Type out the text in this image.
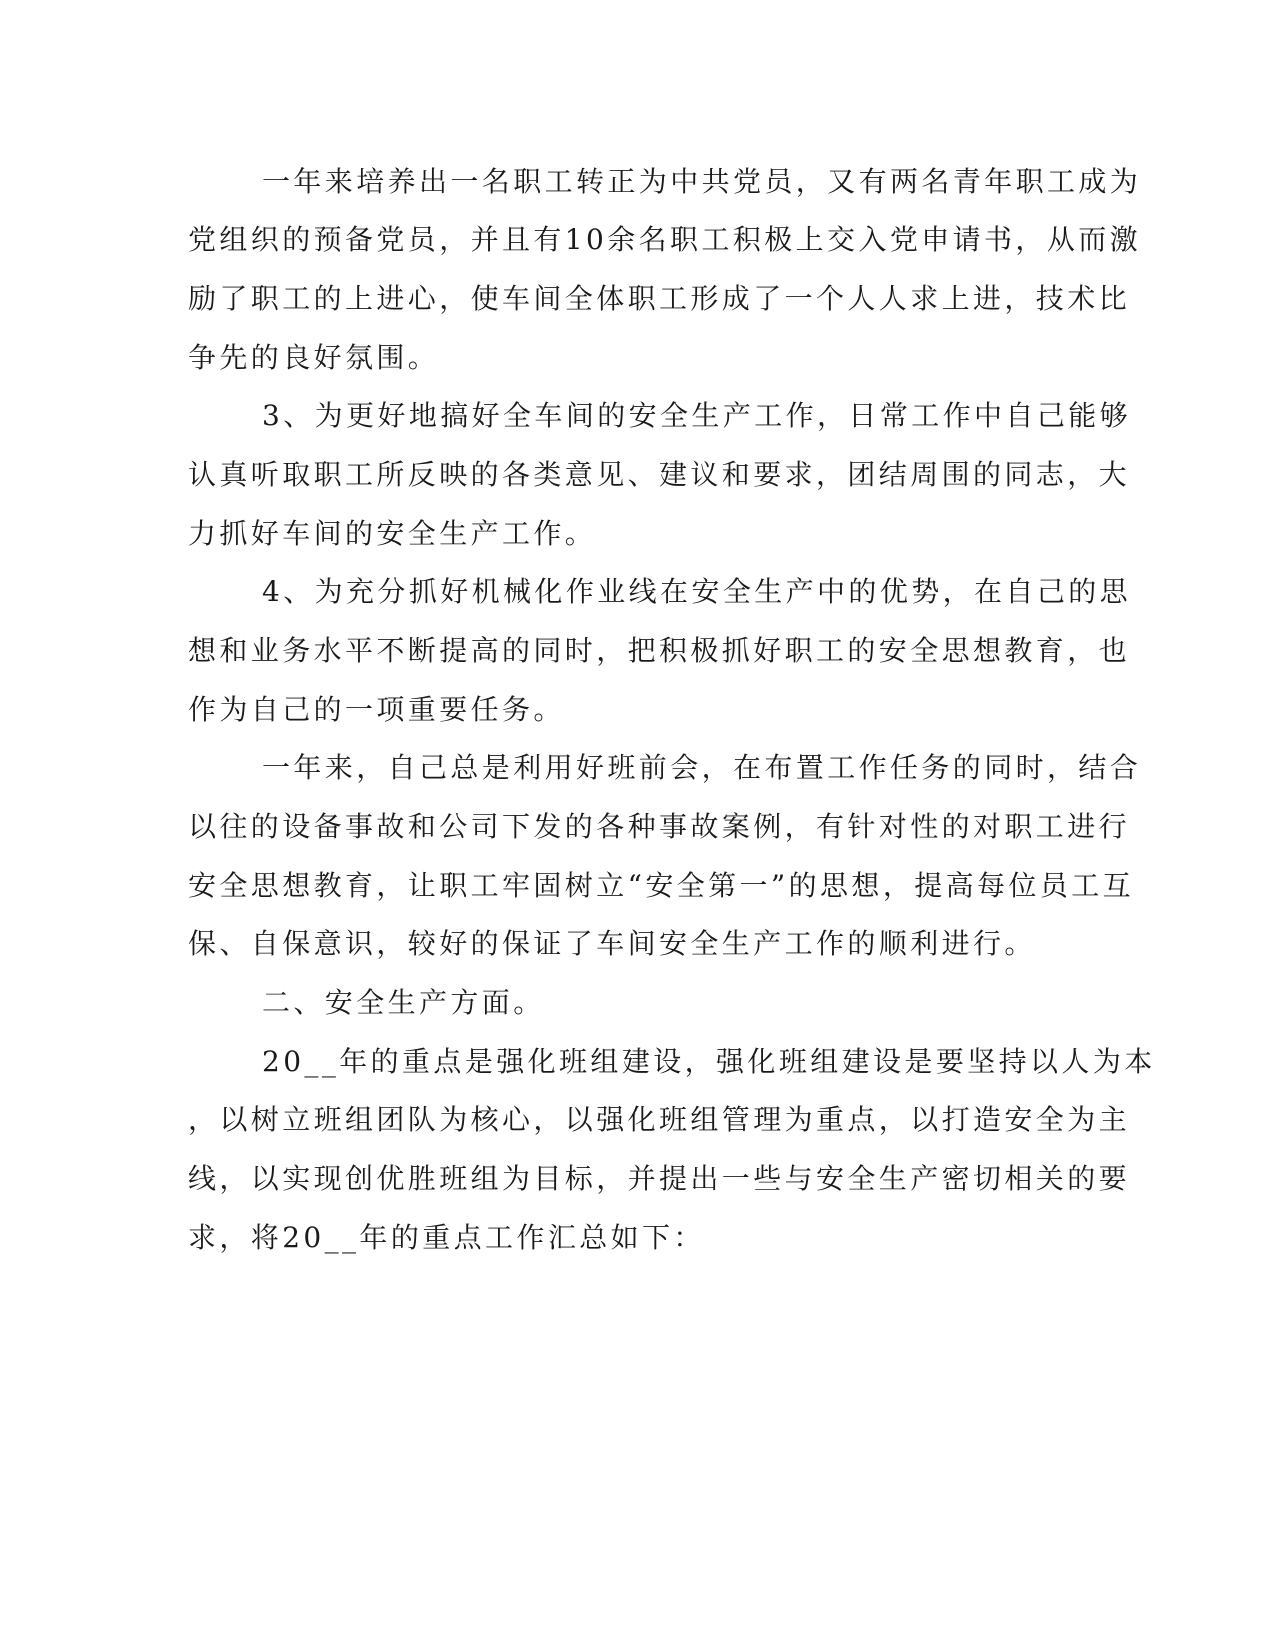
一年来培养出一名职工转正为中共党员，又有两名青年职工成为
党组织的预备党员，并且有10余名职工积极上交入党申请书，从而激
励了职工的上进心，使车间全体职工形成了一个人人求上进，技术比
争先的良好氛围。
3、为更好地搞好全车间的安全生产工作，日常工作中自己能够
认真听取职工所反映的各类意见、建议和要求，团结周围的同志，大
力抓好车间的安全生产工作。
4、为充分抓好机械化作业线在安全生产中的优势，在自己的思
想和业务水平不断提高的同时，把积极抓好职工的安全思想教育，也
作为自己的一项重要任务。
一年来，自己总是利用好班前会，在布置工作任务的同时，结合
以往的设备事故和公司下发的各种事故案例，有针对性的对职工进行
安全思想教育，让职工牢固树立“安全第一”的思想，提高每位员工互
保、自保意识，较好的保证了车间安全生产工作的顺利进行。
二、安全生产方面。
20__年的重点是强化班组建设，强化班组建设是要坚持以人为本
，以树立班组团队为核心，以强化班组管理为重点，以打造安全为主
线，以实现创优胜班组为目标，并提出一些与安全生产密切相关的要
求，将20__年的重点工作汇总如下：
